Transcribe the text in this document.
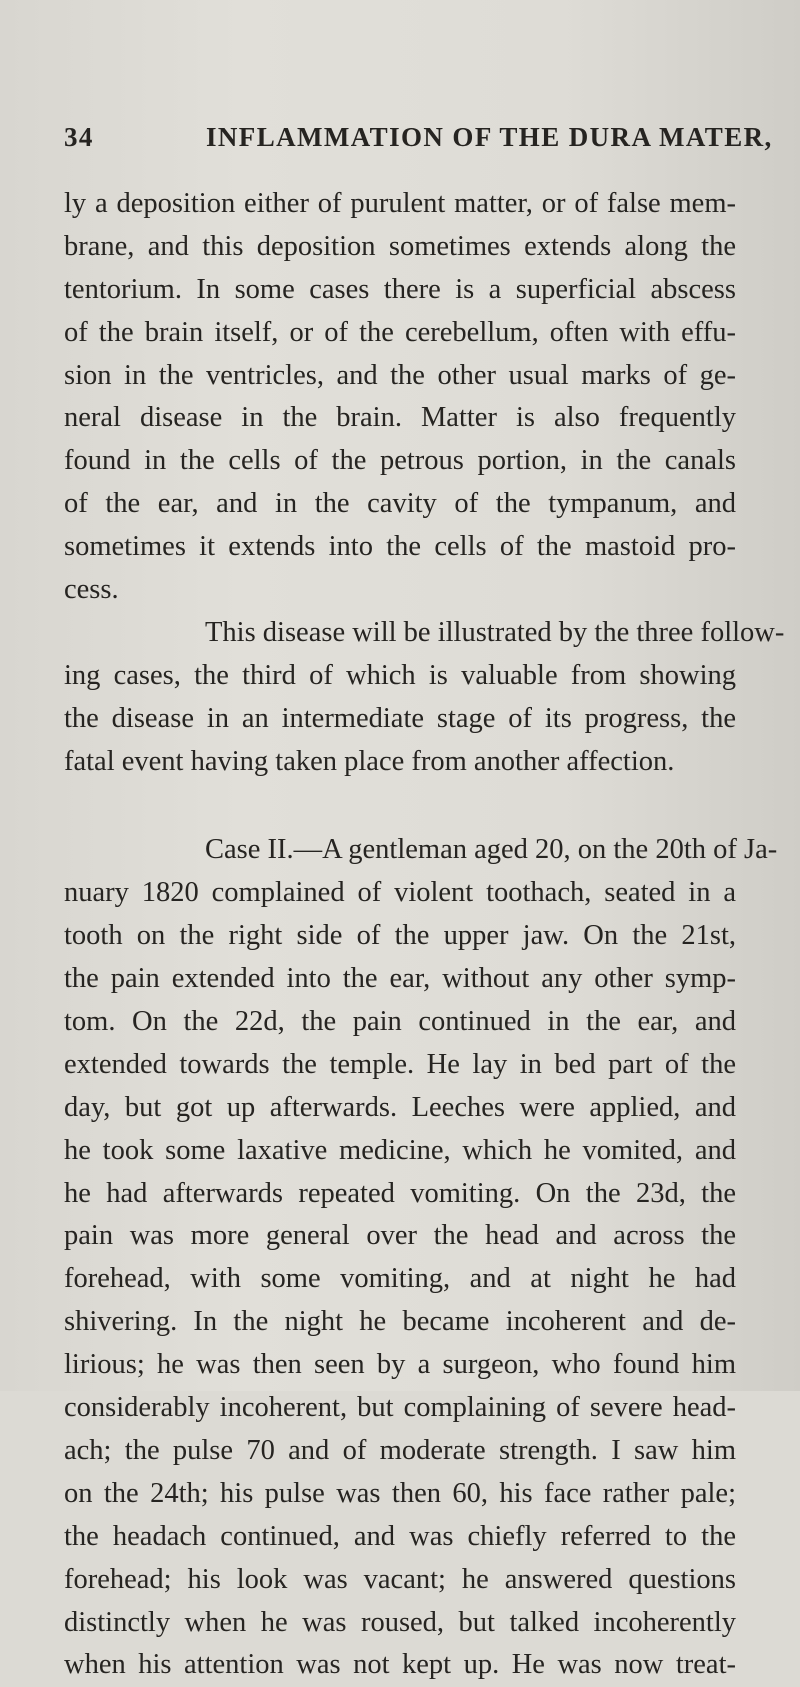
34	INFLAMMATION OF THE DURA MATER,
ly a deposition either of purulent matter, or of false mem-
brane, and this deposition sometimes extends along the
tentorium. In some cases there is a superficial abscess
of the brain itself, or of the cerebellum, often with effu-
sion in the ventricles, and the other usual marks of ge-
neral disease in the brain. Matter is also frequently
found in the cells of the petrous portion, in the canals
of the ear, and in the cavity of the tympanum, and
sometimes it extends into the cells of the mastoid pro-
cess.
This disease will be illustrated by the three follow-
ing cases, the third of which is valuable from showing
the disease in an intermediate stage of its progress, the
fatal event having taken place from another affection.
Case II.—A gentleman aged 20, on the 20th of Ja-
nuary 1820 complained of violent toothach, seated in a
tooth on the right side of the upper jaw. On the 21st,
the pain extended into the ear, without any other symp-
tom. On the 22d, the pain continued in the ear, and
extended towards the temple. He lay in bed part of the
day, but got up afterwards. Leeches were applied, and
he took some laxative medicine, which he vomited, and
he had afterwards repeated vomiting. On the 23d, the
pain was more general over the head and across the
forehead, with some vomiting, and at night he had
shivering. In the night he became incoherent and de-
lirious; he was then seen by a surgeon, who found him
considerably incoherent, but complaining of severe head-
ach; the pulse 70 and of moderate strength. I saw him
on the 24th; his pulse was then 60, his face rather pale;
the headach continued, and was chiefly referred to the
forehead; his look was vacant; he answered questions
distinctly when he was roused, but talked incoherently
when his attention was not kept up. He was now treat-
